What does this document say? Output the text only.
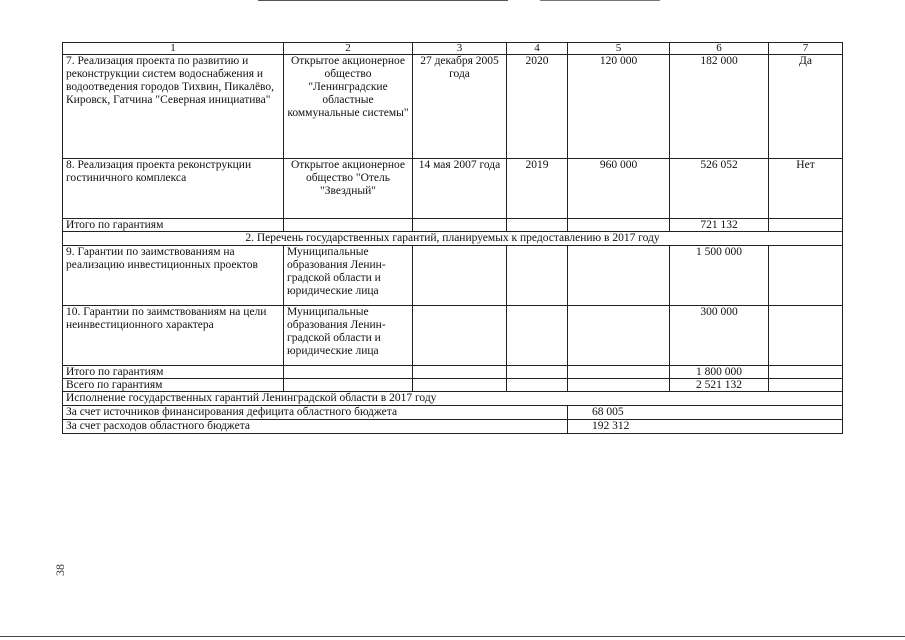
1	2	3	4	5	6	7
7. Реализация проекта по развитию и реконструкции систем водоснабжения и водоотведения городов Тихвин, Пикалёво, Кировск, Гатчина "Северная инициатива"	Открытое акционерное общество "Ленинградские областные коммунальные системы"	27 декабря 2005 года	2020	120 000	182 000	Да
8. Реализация проекта реконструкции гостиничного комплекса	Открытое акционерное общество "Отель "Звездный"	14 мая 2007 года	2019	960 000	526 052	Нет
Итого по гарантиям					721 132	
2. Перечень государственных гарантий, планируемых к предоставлению в 2017 году						
9. Гарантии по заимствованиям на реализацию инвестиционных проектов	Муниципальные образования Ленин-градской области и юридические лица				1 500 000	
10. Гарантии по заимствованиям на цели неинвестиционного характера	Муниципальные образования Ленин-градской области и юридические лица				300 000	
Итого по гарантиям					1 800 000	
Всего по гарантиям					2 521 132	
Исполнение государственных гарантий Ленинградской области в 2017 году						
За счет источников финансирования дефицита областного бюджета				68 005		
За счет расходов областного бюджета				192 312		
38
